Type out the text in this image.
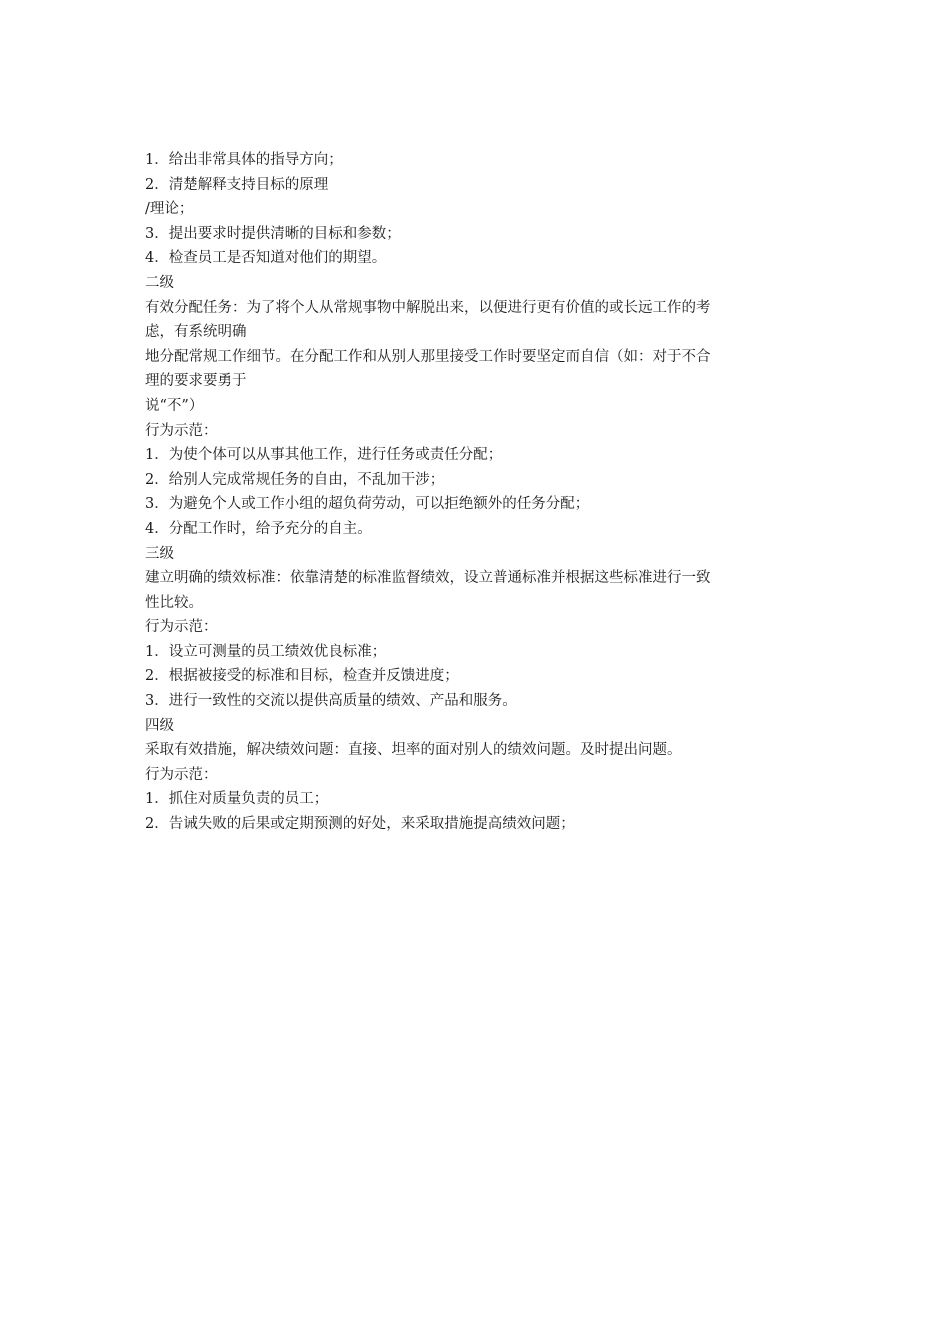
1．给出非常具体的指导方向；

2．清楚解释支持目标的原理

/理论；

3．提出要求时提供清晰的目标和参数；

4．检查员工是否知道对他们的期望。

二级

有效分配任务：为了将个人从常规事物中解脱出来，以便进行更有价值的或长远工作的考

虑，有系统明确

地分配常规工作细节。在分配工作和从别人那里接受工作时要坚定而自信（如：对于不合

理的要求要勇于

说“不”）

行为示范：

1．为使个体可以从事其他工作，进行任务或责任分配；

2．给别人完成常规任务的自由，不乱加干涉；

3．为避免个人或工作小组的超负荷劳动，可以拒绝额外的任务分配；

4．分配工作时，给予充分的自主。

三级

建立明确的绩效标准：依靠清楚的标准监督绩效，设立普通标准并根据这些标准进行一致

性比较。

行为示范：

1．设立可测量的员工绩效优良标准；

2．根据被接受的标准和目标，检查并反馈进度；

3．进行一致性的交流以提供高质量的绩效、产品和服务。

四级

采取有效措施，解决绩效问题：直接、坦率的面对别人的绩效问题。及时提出问题。

行为示范：

1．抓住对质量负责的员工；

2．告诫失败的后果或定期预测的好处，来采取措施提高绩效问题；
